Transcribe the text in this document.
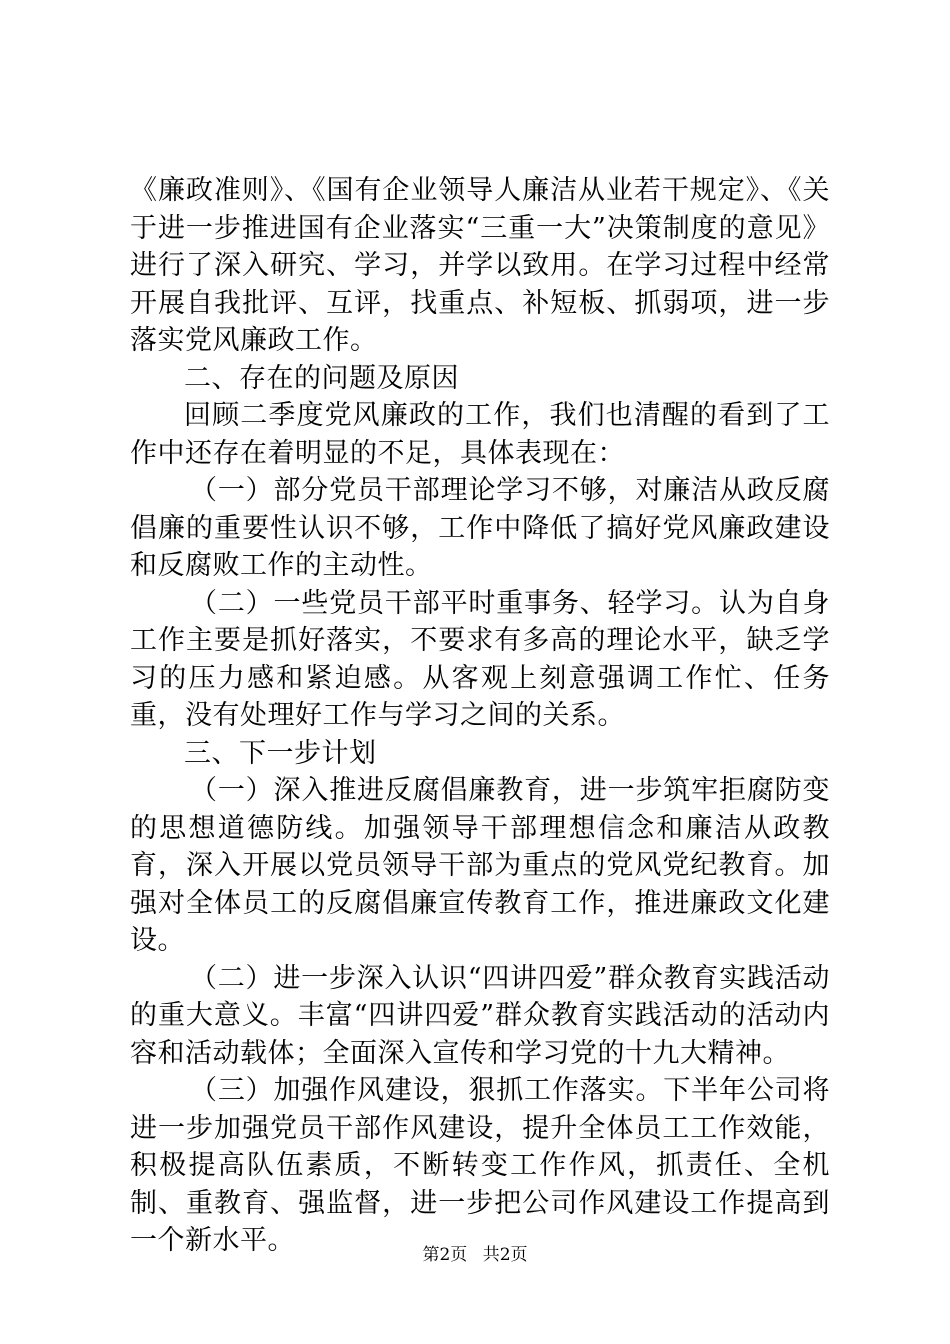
《廉政准则》、《国有企业领导人廉洁从业若干规定》、《关于进一步推进国有企业落实“三重一大”决策制度的意见》进行了深入研究、学习，并学以致用。在学习过程中经常开展自我批评、互评，找重点、补短板、抓弱项，进一步落实党风廉政工作。

二、存在的问题及原因

回顾二季度党风廉政的工作，我们也清醒的看到了工作中还存在着明显的不足，具体表现在：

（一）部分党员干部理论学习不够，对廉洁从政反腐倡廉的重要性认识不够，工作中降低了搞好党风廉政建设和反腐败工作的主动性。

（二）一些党员干部平时重事务、轻学习。认为自身工作主要是抓好落实，不要求有多高的理论水平，缺乏学习的压力感和紧迫感。从客观上刻意强调工作忙、任务重，没有处理好工作与学习之间的关系。

三、下一步计划

（一）深入推进反腐倡廉教育，进一步筑牢拒腐防变的思想道德防线。加强领导干部理想信念和廉洁从政教育，深入开展以党员领导干部为重点的党风党纪教育。加强对全体员工的反腐倡廉宣传教育工作，推进廉政文化建设。

（二）进一步深入认识“四讲四爱”群众教育实践活动的重大意义。丰富“四讲四爱”群众教育实践活动的活动内容和活动载体；全面深入宣传和学习党的十九大精神。

（三）加强作风建设，狠抓工作落实。下半年公司将进一步加强党员干部作风建设，提升全体员工工作效能，积极提高队伍素质，不断转变工作作风，抓责任、全机制、重教育、强监督，进一步把公司作风建设工作提高到一个新水平。	第2页 共2页
